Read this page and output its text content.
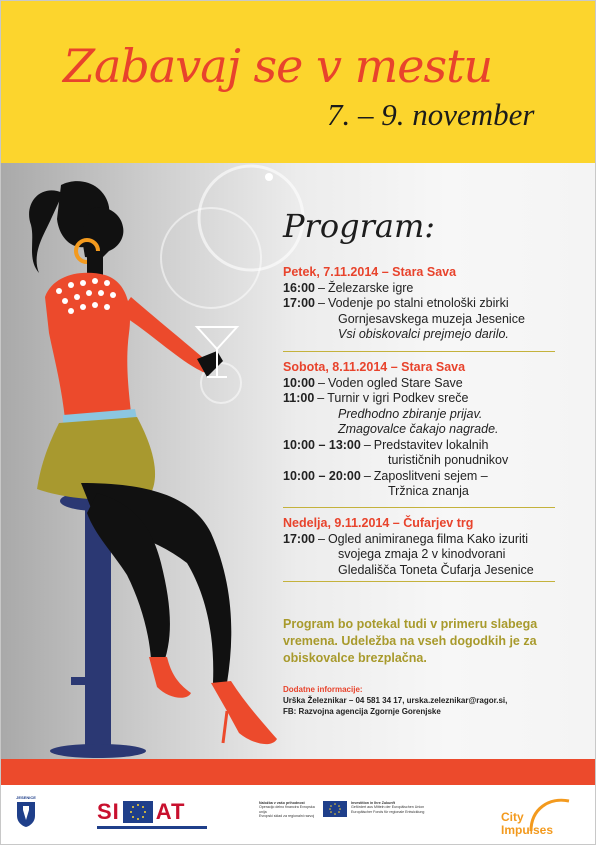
Zabavaj se v mestu
7. – 9. november
Program:
Petek, 7.11.2014 – Stara Sava
16:00 – Železarske igre
17:00 – Vodenje po stalni etnološki zbirki
Gornjesavskega muzeja Jesenice
Vsi obiskovalci prejmejo darilo.
Sobota, 8.11.2014 – Stara Sava
10:00 – Voden ogled Stare Save
11:00 – Turnir v igri Podkev sreče
Predhodno zbiranje prijav.
Zmagovalce čakajo nagrade.
10:00 – 13:00 – Predstavitev lokalnih
turističnih ponudnikov
10:00 – 20:00 – Zaposlitveni sejem –
Tržnica znanja
Nedelja, 9.11.2014 – Čufarjev trg
17:00 – Ogled animiranega filma Kako izuriti
svojega zmaja 2 v kinodvorani
Gledališča Toneta Čufarja Jesenice
Program bo potekal tudi v primeru slabega vremena. Udeležba na vseh dogodkih je za obiskovalce brezplačna.
Dodatne informacije:
Urška Železnikar – 04 581 34 17, urska.zeleznikar@ragor.si,
FB: Razvojna agencija Zgornje Gorenjske
JESENICE
SI AT	Naložba v vašo prihodnost
Operacijo delno financira Evropska unija
Evropski sklad za regionalni razvoj
Investition in Ihre Zukunft
Gefördert aus Mitteln der Europäischen Union
Europäischer Fonds für regionale Entwicklung	City
Impulses
